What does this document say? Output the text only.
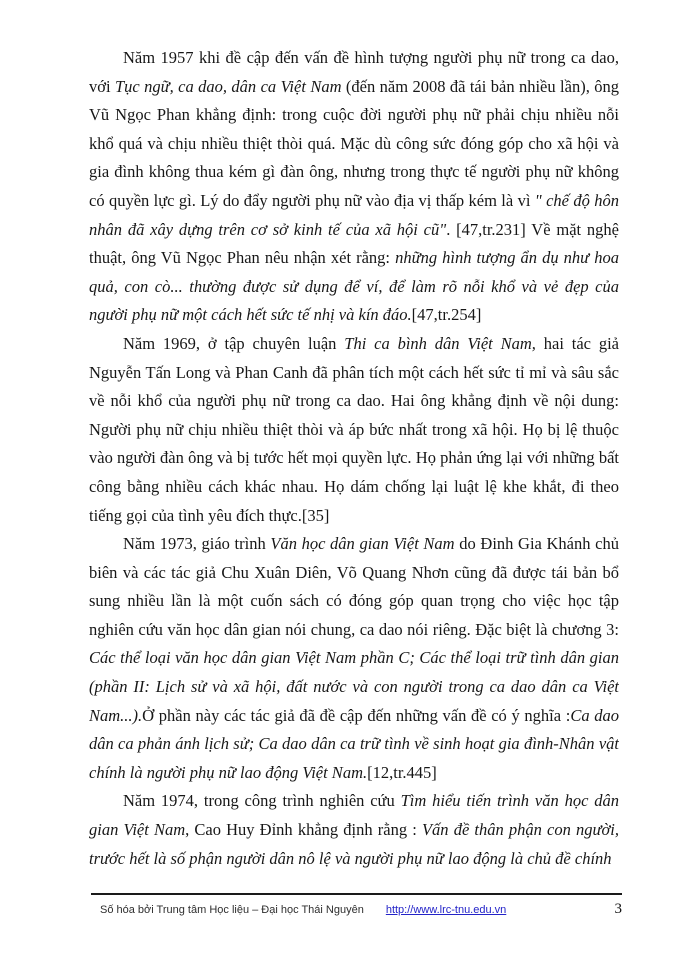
Năm 1957 khi đề cập đến vấn đề hình tượng người phụ nữ trong ca dao, với Tục ngữ, ca dao, dân ca Việt Nam (đến năm 2008 đã tái bản nhiều lần), ông Vũ Ngọc Phan khẳng định: trong cuộc đời người phụ nữ phải chịu nhiều nỗi khổ quá và chịu nhiều thiệt thòi quá. Mặc dù công sức đóng góp cho xã hội và gia đình không thua kém gì đàn ông, nhưng trong thực tế người phụ nữ không có quyền lực gì. Lý do đẩy người phụ nữ vào địa vị thấp kém là vì " chế độ hôn nhân đã xây dựng trên cơ sở kinh tế của xã hội cũ". [47,tr.231] Về mặt nghệ thuật, ông Vũ Ngọc Phan nêu nhận xét rằng: những hình tượng ẩn dụ như hoa quả, con cò... thường được sử dụng để ví, để làm rõ nỗi khổ và vẻ đẹp của người phụ nữ một cách hết sức tế nhị và kín đáo.[47,tr.254]

Năm 1969, ở tập chuyên luận Thi ca bình dân Việt Nam, hai tác giả Nguyễn Tấn Long và Phan Canh đã phân tích một cách hết sức tỉ mỉ và sâu sắc về nỗi khổ của người phụ nữ trong ca dao. Hai ông khẳng định về nội dung: Người phụ nữ chịu nhiều thiệt thòi và áp bức nhất trong xã hội. Họ bị lệ thuộc vào người đàn ông và bị tước hết mọi quyền lực. Họ phản ứng lại với những bất công bằng nhiều cách khác nhau. Họ dám chống lại luật lệ khe khắt, đi theo tiếng gọi của tình yêu đích thực.[35]

Năm 1973, giáo trình Văn học dân gian Việt Nam do Đinh Gia Khánh chủ biên và các tác giả Chu Xuân Diên, Võ Quang Nhơn cũng đã được tái bản bổ sung nhiều lần là một cuốn sách có đóng góp quan trọng cho việc học tập nghiên cứu văn học dân gian nói chung, ca dao nói riêng. Đặc biệt là chương 3: Các thể loại văn học dân gian Việt Nam phần C; Các thể loại trữ tình dân gian (phần II: Lịch sử và xã hội, đất nước và con người trong ca dao dân ca Việt Nam...).Ở phần này các tác giả đã đề cập đến những vấn đề có ý nghĩa :Ca dao dân ca phản ánh lịch sử; Ca dao dân ca trữ tình về sinh hoạt gia đình-Nhân vật chính là người phụ nữ lao động Việt Nam.[12,tr.445]

Năm 1974, trong công trình nghiên cứu Tìm hiểu tiến trình văn học dân gian Việt Nam, Cao Huy Đỉnh khẳng định rằng : Vấn đề thân phận con người, trước hết là số phận người dân nô lệ và người phụ nữ lao động là chủ đề chính

Số hóa bởi Trung tâm Học liệu – Đại học Thái Nguyên http://www.lrc-tnu.edu.vn	3
